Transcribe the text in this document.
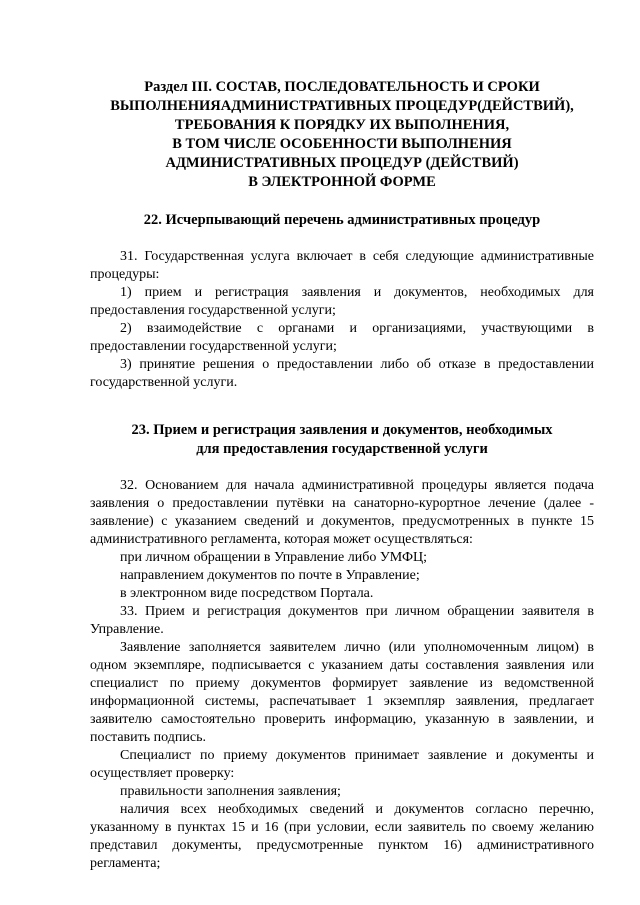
Раздел III. СОСТАВ, ПОСЛЕДОВАТЕЛЬНОСТЬ И СРОКИ
ВЫПОЛНЕНИЯАДМИНИСТРАТИВНЫХ ПРОЦЕДУР(ДЕЙСТВИЙ),
ТРЕБОВАНИЯ К ПОРЯДКУ ИХ ВЫПОЛНЕНИЯ,
В ТОМ ЧИСЛЕ ОСОБЕННОСТИ ВЫПОЛНЕНИЯ
АДМИНИСТРАТИВНЫХ ПРОЦЕДУР (ДЕЙСТВИЙ)
В ЭЛЕКТРОННОЙ ФОРМЕ
22. Исчерпывающий перечень административных процедур

31. Государственная услуга включает в себя следующие административные процедуры:

1) прием и регистрация заявления и документов, необходимых для предоставления государственной услуги;

2) взаимодействие с органами и организациями, участвующими в предоставлении государственной услуги;

3) принятие решения о предоставлении либо об отказе в предоставлении государственной услуги.

23. Прием и регистрация заявления и документов, необходимых
для предоставления государственной услуги

32. Основанием для начала административной процедуры является подача заявления о предоставлении путёвки на санаторно-курортное лечение (далее - заявление) с указанием сведений и документов, предусмотренных в пункте 15 административного регламента, которая может осуществляться:

при личном обращении в Управление либо УМФЦ;

направлением документов по почте в Управление;

в электронном виде посредством Портала.

33. Прием и регистрация документов при личном обращении заявителя в Управление.

Заявление заполняется заявителем лично (или уполномоченным лицом) в одном экземпляре, подписывается с указанием даты составления заявления или специалист по приему документов формирует заявление из ведомственной информационной системы, распечатывает 1 экземпляр заявления, предлагает заявителю самостоятельно проверить информацию, указанную в заявлении, и поставить подпись.

Специалист по приему документов принимает заявление и документы и осуществляет проверку:

правильности заполнения заявления;

наличия всех необходимых сведений и документов согласно перечню, указанному в пунктах 15 и 16 (при условии, если заявитель по своему желанию представил документы, предусмотренные пунктом 16) административного регламента;
